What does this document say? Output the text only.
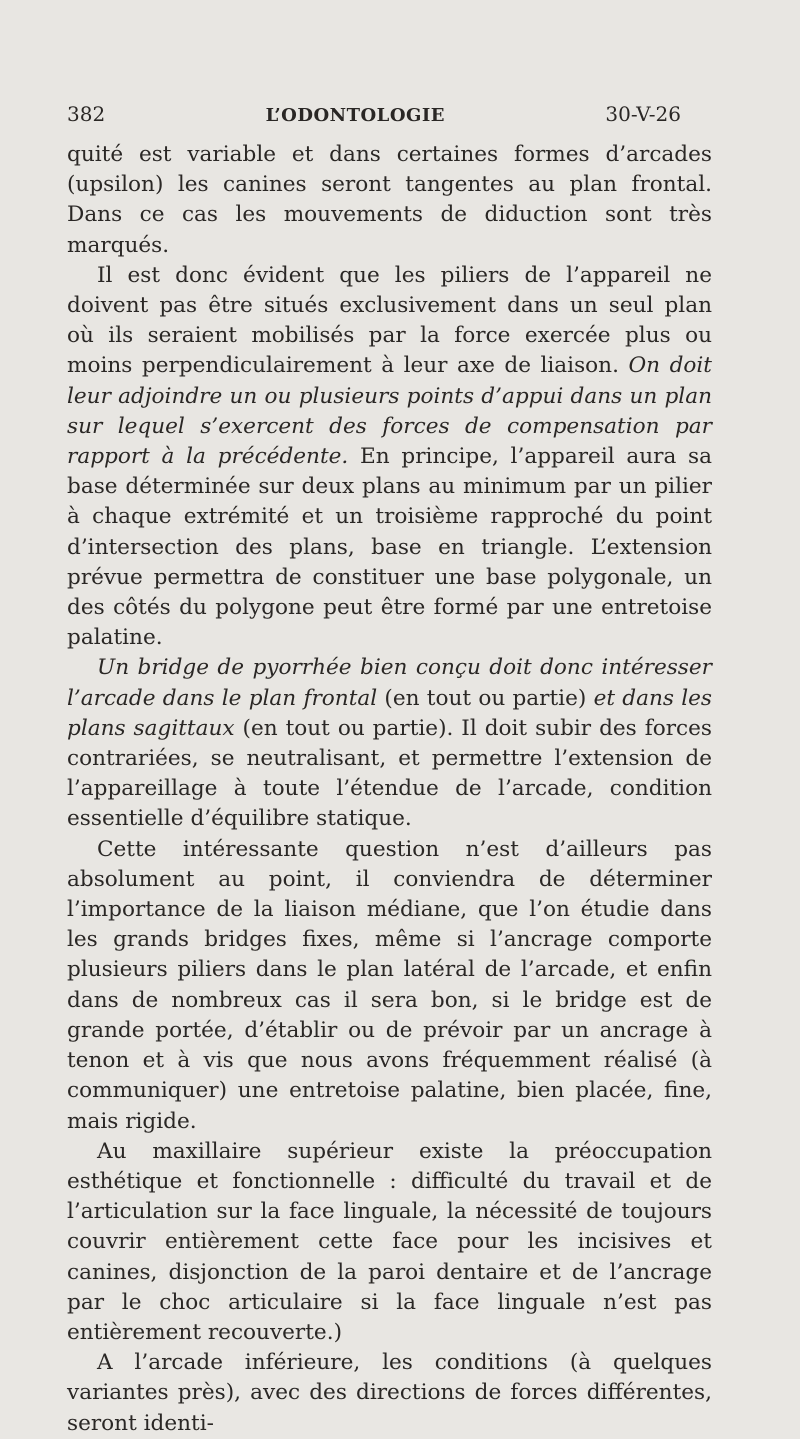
382	L’ODONTOLOGIE	30-V-26

quité est variable et dans certaines formes d’arcades (upsilon) les canines seront tangentes au plan frontal. Dans ce cas les mouvements de diduction sont très marqués.

Il est donc évident que les piliers de l’appareil ne doivent pas être situés exclusivement dans un seul plan où ils seraient mobilisés par la force exercée plus ou moins perpendiculairement à leur axe de liaison. On doit leur adjoindre un ou plusieurs points d’appui dans un plan sur lequel s’exercent des forces de compensation par rapport à la précédente. En principe, l’appareil aura sa base déterminée sur deux plans au minimum par un pilier à chaque extrémité et un troisième rapproché du point d’intersection des plans, base en triangle. L’extension prévue permettra de constituer une base polygonale, un des côtés du polygone peut être formé par une entretoise palatine.

Un bridge de pyorrhée bien conçu doit donc intéresser l’arcade dans le plan frontal (en tout ou partie) et dans les plans sagittaux (en tout ou partie). Il doit subir des forces contrariées, se neutralisant, et permettre l’extension de l’appareillage à toute l’étendue de l’arcade, condition essentielle d’équilibre statique.

Cette intéressante question n’est d’ailleurs pas absolument au point, il conviendra de déterminer l’importance de la liaison médiane, que l’on étudie dans les grands bridges fixes, même si l’ancrage comporte plusieurs piliers dans le plan latéral de l’arcade, et enfin dans de nombreux cas il sera bon, si le bridge est de grande portée, d’établir ou de prévoir par un ancrage à tenon et à vis que nous avons fréquemment réalisé (à communiquer) une entretoise palatine, bien placée, fine, mais rigide.

Au maxillaire supérieur existe la préoccupation esthétique et fonctionnelle : difficulté du travail et de l’articulation sur la face linguale, la nécessité de toujours couvrir entièrement cette face pour les incisives et canines, disjonction de la paroi dentaire et de l’ancrage par le choc articulaire si la face linguale n’est pas entièrement recouverte.)

A l’arcade inférieure, les conditions (à quelques variantes près), avec des directions de forces différentes, seront identi-
